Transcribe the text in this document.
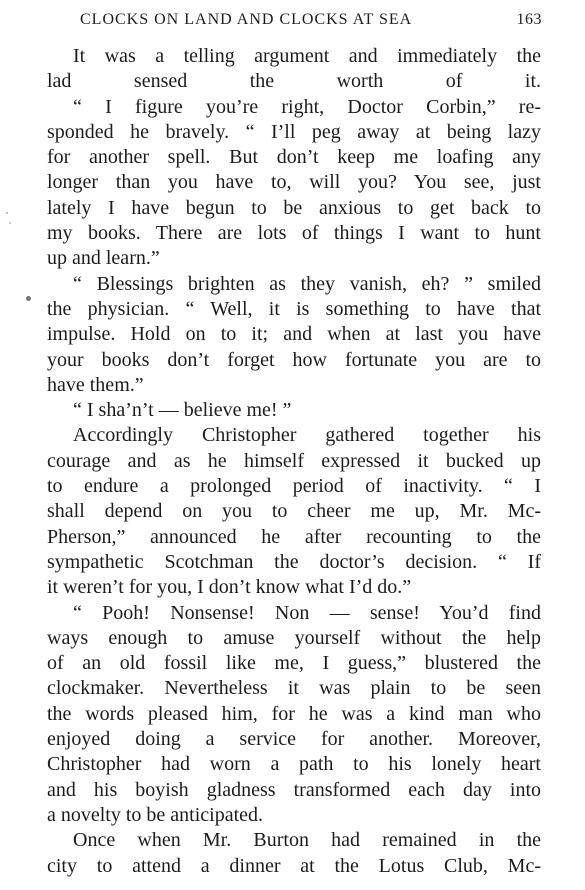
CLOCKS ON LAND AND CLOCKS AT SEA	163
It was a telling argument and immediately the
lad sensed the worth of it.
“ I figure you’re right, Doctor Corbin,” re-
sponded he bravely. “ I’ll peg away at being lazy
for another spell. But don’t keep me loafing any
longer than you have to, will you? You see, just
lately I have begun to be anxious to get back to
my books. There are lots of things I want to hunt
up and learn.”
“ Blessings brighten as they vanish, eh? ” smiled
the physician. “ Well, it is something to have that
impulse. Hold on to it; and when at last you have
your books don’t forget how fortunate you are to
have them.”
“ I sha’n’t — believe me! ”
Accordingly Christopher gathered together his
courage and as he himself expressed it bucked up
to endure a prolonged period of inactivity. “ I
shall depend on you to cheer me up, Mr. Mc-
Pherson,” announced he after recounting to the
sympathetic Scotchman the doctor’s decision. “ If
it weren’t for you, I don’t know what I’d do.”
“ Pooh! Nonsense! Non — sense! You’d find
ways enough to amuse yourself without the help
of an old fossil like me, I guess,” blustered the
clockmaker. Nevertheless it was plain to be seen
the words pleased him, for he was a kind man who
enjoyed doing a service for another. Moreover,
Christopher had worn a path to his lonely heart
and his boyish gladness transformed each day into
a novelty to be anticipated.
Once when Mr. Burton had remained in the
city to attend a dinner at the Lotus Club, Mc-
